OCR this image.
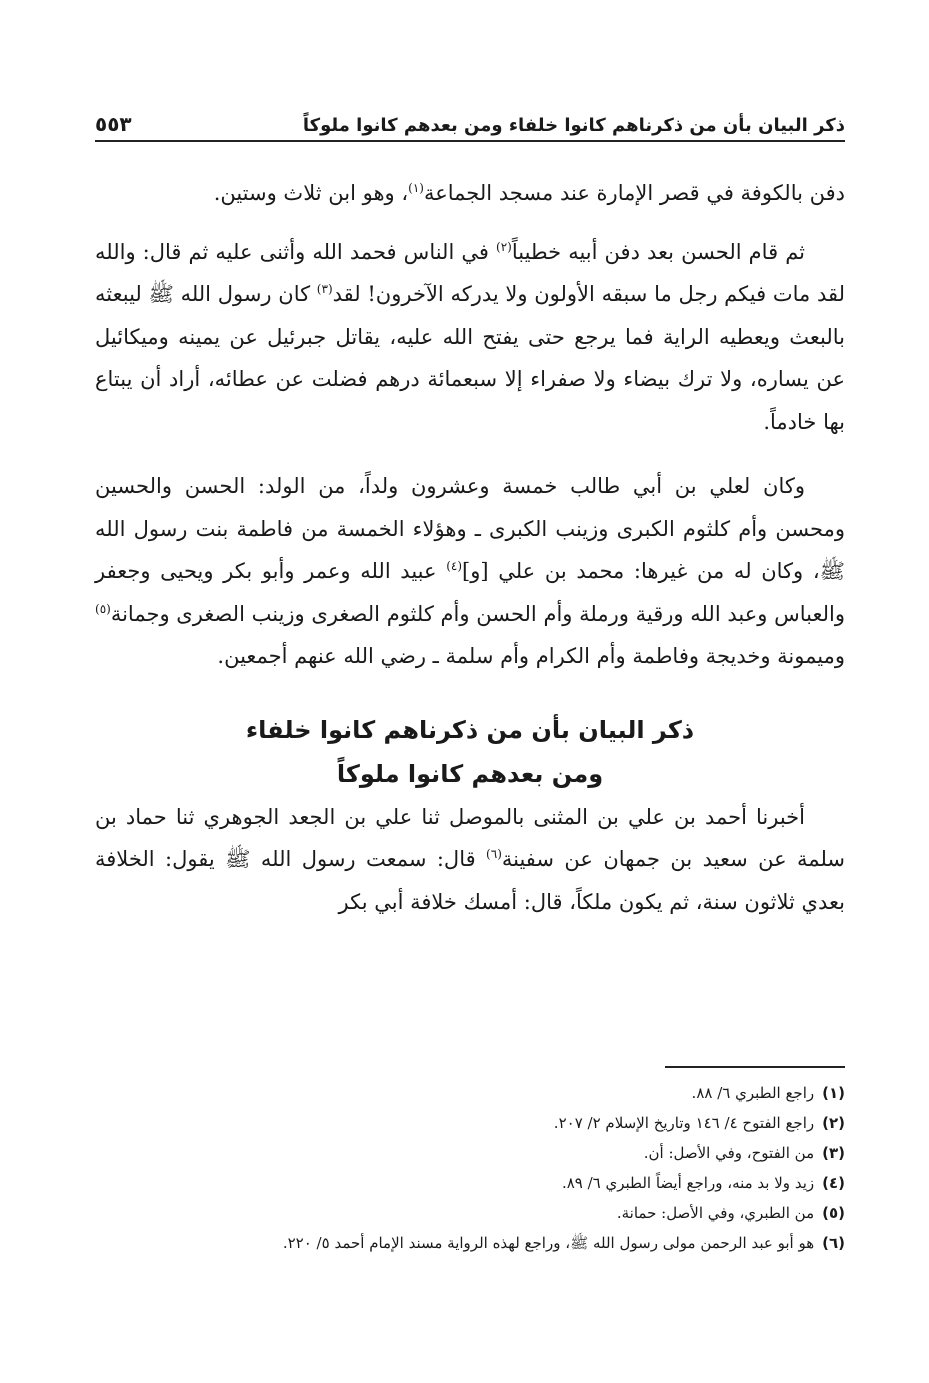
ذكر البيان بأن من ذكرناهم كانوا خلفاء ومن بعدهم كانوا ملوكاً
٥٥٣

دفن بالكوفة في قصر الإمارة عند مسجد الجماعة$^{(١)}$، وهو ابن ثلاث وستين.

ثم قام الحسن بعد دفن أبيه خطيباً$^{(٢)}$ في الناس فحمد الله وأثنى عليه ثم قال: والله لقد مات فيكم رجل ما سبقه الأولون ولا يدركه الآخرون! لقد$^{(٣)}$ كان رسول الله ﷺ ليبعثه بالبعث ويعطيه الراية فما يرجع حتى يفتح الله عليه، يقاتل جبرئيل عن يمينه وميكائيل عن يساره، ولا ترك بيضاء ولا صفراء إلا سبعمائة درهم فضلت عن عطائه، أراد أن يبتاع بها خادماً.

وكان لعلي بن أبي طالب خمسة وعشرون ولداً، من الولد: الحسن والحسين ومحسن وأم كلثوم الكبرى وزينب الكبرى ـ وهؤلاء الخمسة من فاطمة بنت رسول الله ﷺ، وكان له من غيرها: محمد بن علي [و]$^{(٤)}$ عبيد الله وعمر وأبو بكر ويحيى وجعفر والعباس وعبد الله ورقية ورملة وأم الحسن وأم كلثوم الصغرى وزينب الصغرى وجمانة$^{(٥)}$ وميمونة وخديجة وفاطمة وأم الكرام وأم سلمة ـ رضي الله عنهم أجمعين.

ذكر البيان بأن من ذكرناهم كانوا خلفاء
ومن بعدهم كانوا ملوكاً

أخبرنا أحمد بن علي بن المثنى بالموصل ثنا علي بن الجعد الجوهري ثنا حماد بن سلمة عن سعيد بن جمهان عن سفينة$^{(٦)}$ قال: سمعت رسول الله ﷺ يقول: الخلافة بعدي ثلاثون سنة، ثم يكون ملكاً، قال: أمسك خلافة أبي بكر

(١)
راجع الطبري ٦/ ٨٨.

(٢)
راجع الفتوح ٤/ ١٤٦ وتاريخ الإسلام ٢/ ٢٠٧.

(٣)
من الفتوح، وفي الأصل: أن.

(٤)
زيد ولا بد منه، وراجع أيضاً الطبري ٦/ ٨٩.

(٥)
من الطبري، وفي الأصل: حمانة.

(٦)
هو أبو عبد الرحمن مولى رسول الله ﷺ، وراجع لهذه الرواية مسند الإمام أحمد ٥/ ٢٢٠.
